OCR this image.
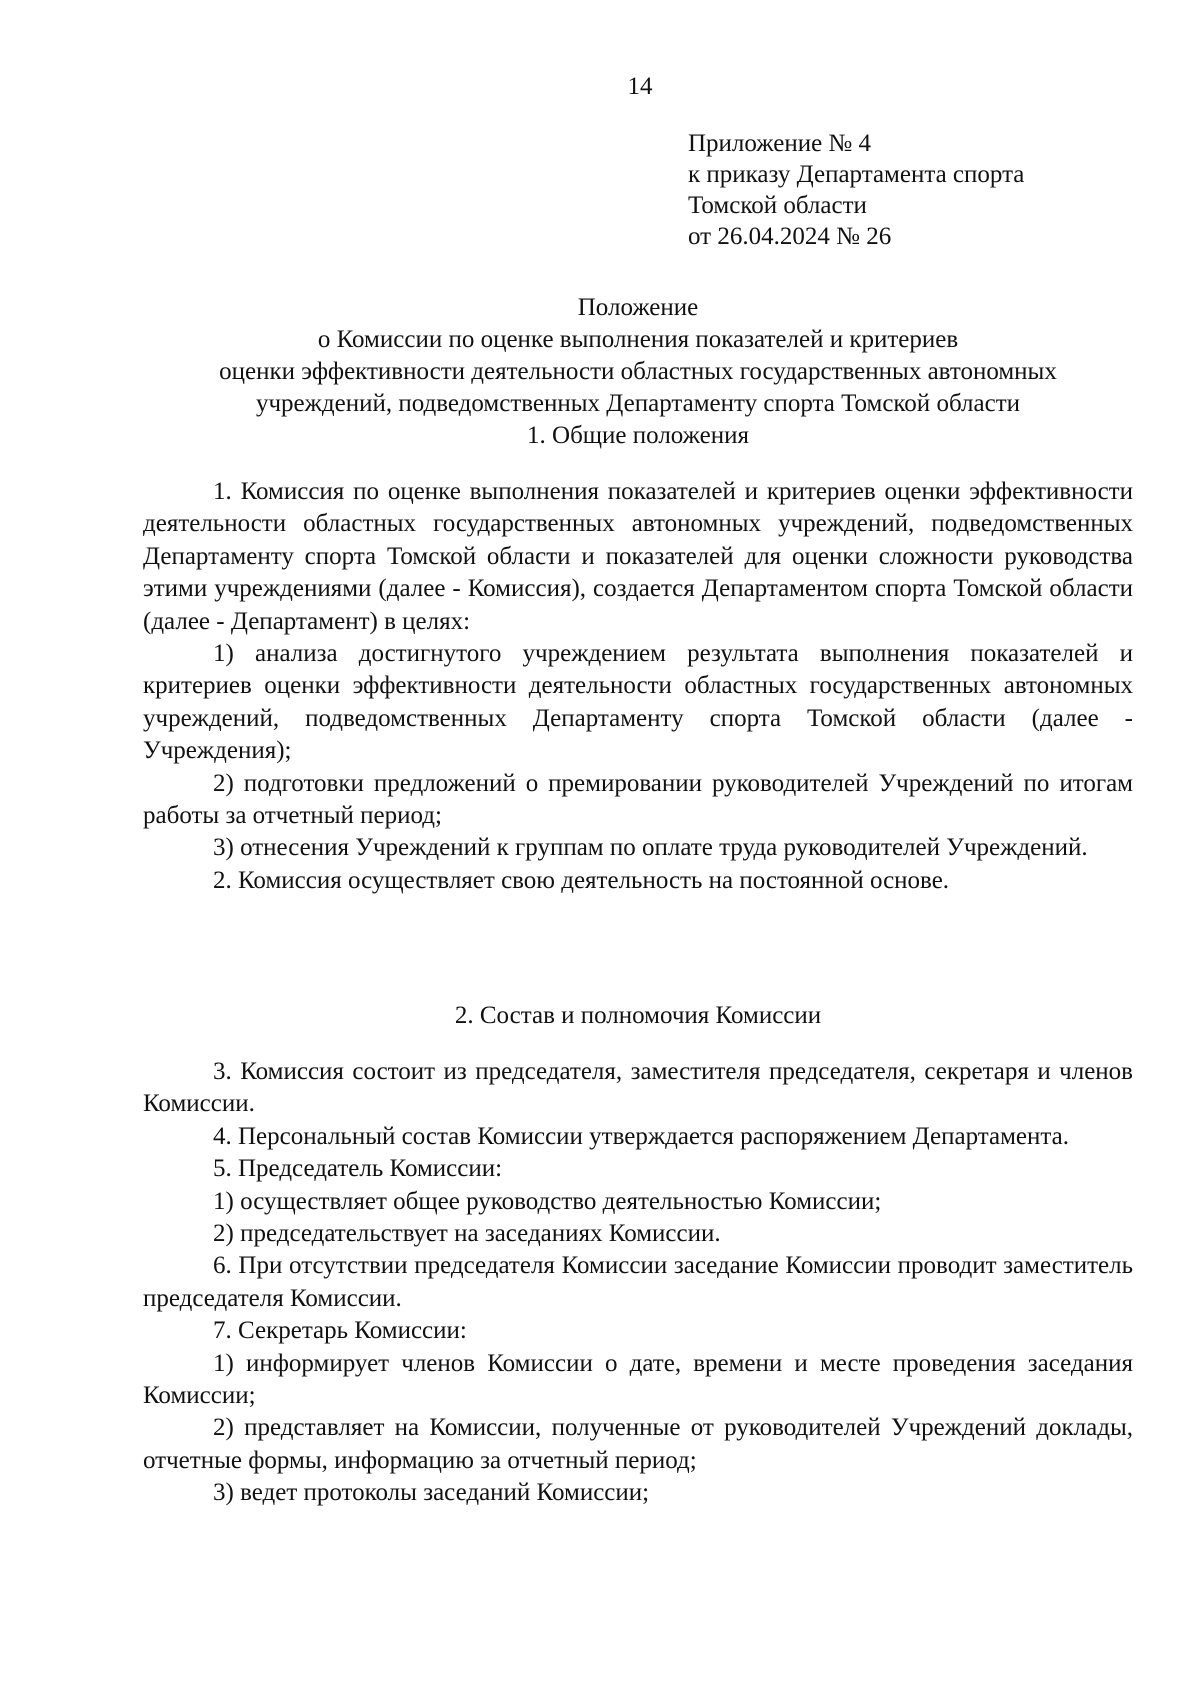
14
Приложение № 4
к приказу Департамента спорта
Томской области
от 26.04.2024 № 26
Положение
о Комиссии по оценке выполнения показателей и критериев
оценки эффективности деятельности областных государственных автономных
учреждений, подведомственных Департаменту спорта Томской области
1. Общие положения

1. Комиссия по оценке выполнения показателей и критериев оценки эффективности деятельности областных государственных автономных учреждений, подведомственных Департаменту спорта Томской области и показателей для оценки сложности руководства этими учреждениями (далее - Комиссия), создается Департаментом спорта Томской области (далее - Департамент) в целях:

1) анализа достигнутого учреждением результата выполнения показателей и критериев оценки эффективности деятельности областных государственных автономных учреждений, подведомственных Департаменту спорта Томской области (далее - Учреждения);

2) подготовки предложений о премировании руководителей Учреждений по итогам работы за отчетный период;

3) отнесения Учреждений к группам по оплате труда руководителей Учреждений.

2. Комиссия осуществляет свою деятельность на постоянной основе.

2. Состав и полномочия Комиссии

3. Комиссия состоит из председателя, заместителя председателя, секретаря и членов Комиссии.

4. Персональный состав Комиссии утверждается распоряжением Департамента.

5. Председатель Комиссии:

1) осуществляет общее руководство деятельностью Комиссии;

2) председательствует на заседаниях Комиссии.

6. При отсутствии председателя Комиссии заседание Комиссии проводит заместитель председателя Комиссии.

7. Секретарь Комиссии:

1) информирует членов Комиссии о дате, времени и месте проведения заседания Комиссии;

2) представляет на Комиссии, полученные от руководителей Учреждений доклады, отчетные формы, информацию за отчетный период;

3) ведет протоколы заседаний Комиссии;
